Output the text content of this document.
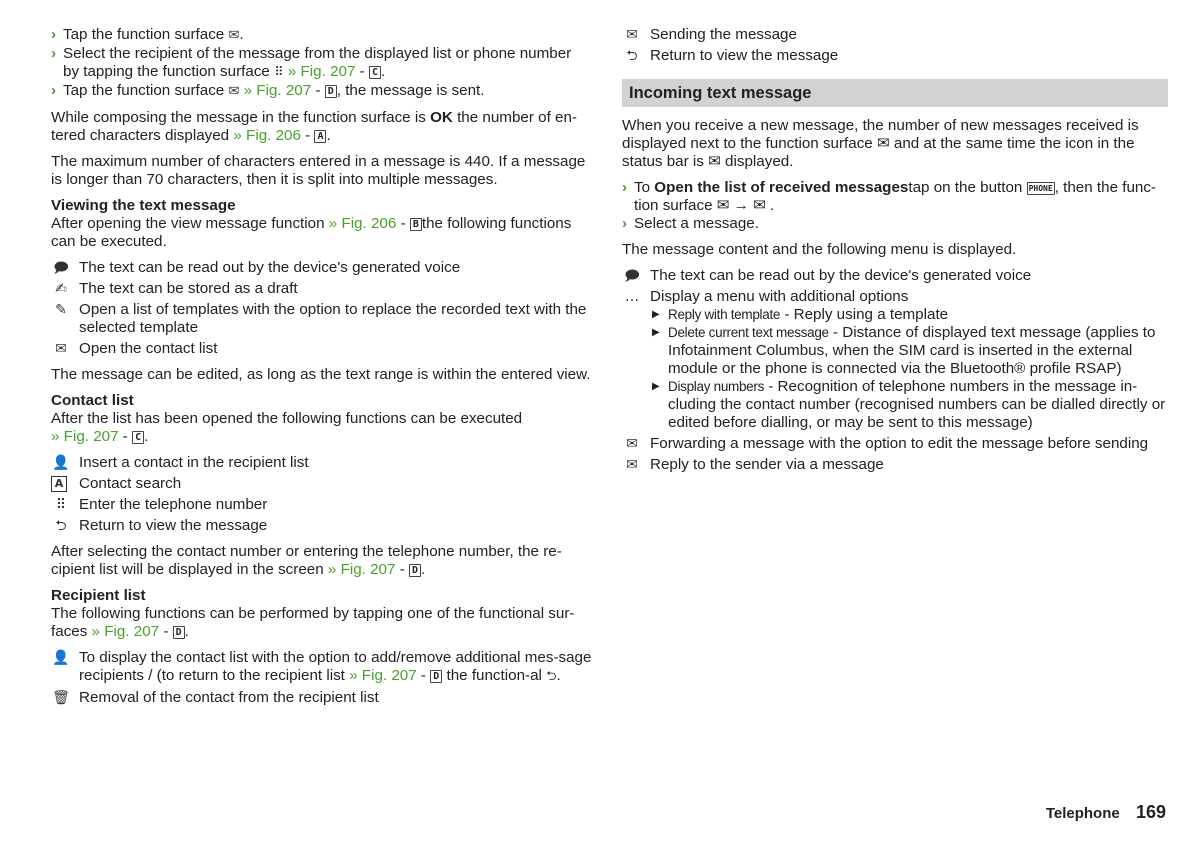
› Tap the function surface ✉.

› Select the recipient of the message from the displayed list or phone number
by tapping the function surface ⠿ » Fig. 207 - C .

› Tap the function surface ✉ » Fig. 207 - D , the message is sent.

While composing the message in the function surface is OK the number of en-
tered characters displayed » Fig. 206 - A .

The maximum number of characters entered in a message is 440. If a message is longer than 70 characters, then it is split into multiple messages.

Viewing the text message

After opening the view message function » Fig. 206 - B the following functions can be executed.

🗩 The text can be read out by the device's generated voice
✍ The text can be stored as a draft
✎ Open a list of templates with the option to replace the recorded text with the selected template
✉ Open the contact list

The message can be edited, as long as the text range is within the entered view.

Contact list

After the list has been opened the following functions can be executed
» Fig. 207 - C .

👤 Insert a contact in the recipient list
A Contact search
⠿ Enter the telephone number
⮌ Return to view the message

After selecting the contact number or entering the telephone number, the re-cipient list will be displayed in the screen » Fig. 207 - D .

Recipient list

The following functions can be performed by tapping one of the functional sur-faces » Fig. 207 - D .

👤 To display the contact list with the option to add/remove additional mes-sage recipients / (to return to the recipient list » Fig. 207 - D the function-al ⮌.
🗑 Removal of the contact from the recipient list
✉ Sending the message
⮌ Return to view the message
Incoming text message

When you receive a new message, the number of new messages received is displayed next to the function surface ✉ and at the same time the icon in the status bar is ✉ displayed.

› To Open the list of received messagestap on the button PHONE , then the func-tion surface ✉ → ✉ .

› Select a message.

The message content and the following menu is displayed.

🗩 The text can be read out by the device's generated voice
… Display a menu with additional options
▶ Reply with template - Reply using a template
▶ Delete current text message - Distance of displayed text message (applies to Infotainment Columbus, when the SIM card is inserted in the external module or the phone is connected via the Bluetooth® profile RSAP)
▶ Display numbers - Recognition of telephone numbers in the message in-cluding the contact number (recognised numbers can be dialled directly or edited before dialling, or may be sent to this message)
✉ Forwarding a message with the option to edit the message before sending
✉ Reply to the sender via a message
Telephone 169
